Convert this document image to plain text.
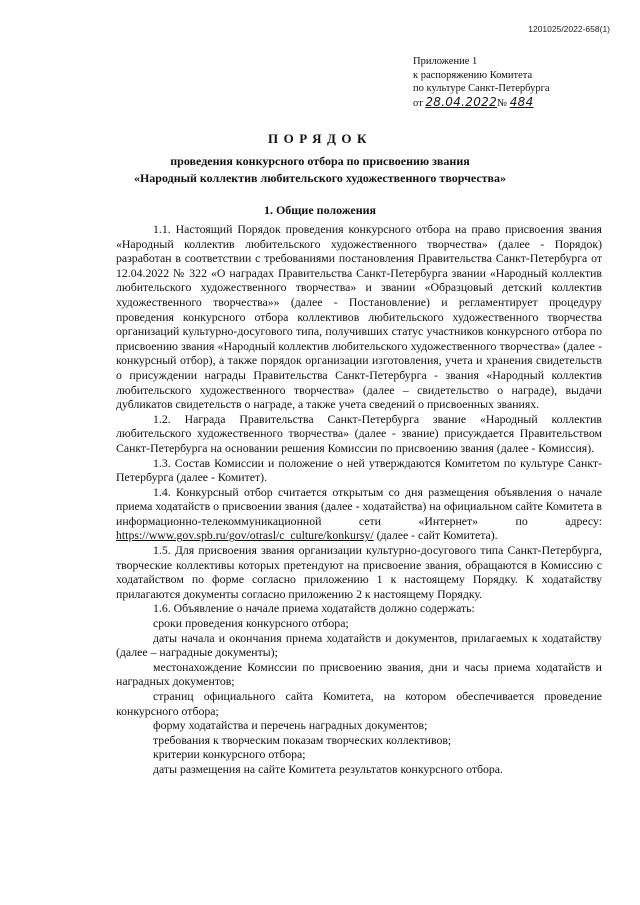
1201025/2022-658(1)
Приложение 1
к распоряжению Комитета
по культуре Санкт-Петербурга
от 28.04.2022№ 484
ПОРЯДОК
проведения конкурсного отбора по присвоению звания
«Народный коллектив любительского художественного творчества»
1. Общие положения

1.1. Настоящий Порядок проведения конкурсного отбора на право присвоения звания «Народный коллектив любительского художественного творчества» (далее - Порядок) разработан в соответствии с требованиями постановления Правительства Санкт-Петербурга от 12.04.2022 № 322 «О наградах Правительства Санкт-Петербурга звании «Народный коллектив любительского художественного творчества» и звании «Образцовый детский коллектив художественного творчества»» (далее - Постановление) и регламентирует процедуру проведения конкурсного отбора коллективов любительского художественного творчества организаций культурно-досугового типа, получивших статус участников конкурсного отбора по присвоению звания «Народный коллектив любительского художественного творчества» (далее - конкурсный отбор), а также порядок организации изготовления, учета и хранения свидетельств о присуждении награды Правительства Санкт-Петербурга - звания «Народный коллектив любительского художественного творчества» (далее – свидетельство о награде), выдачи дубликатов свидетельств о награде, а также учета сведений о присвоенных званиях.

1.2. Награда Правительства Санкт-Петербурга звание «Народный коллектив любительского художественного творчества» (далее - звание) присуждается Правительством Санкт-Петербурга на основании решения Комиссии по присвоению звания (далее - Комиссия).

1.3. Состав Комиссии и положение о ней утверждаются Комитетом по культуре Санкт-Петербурга (далее - Комитет).

1.4. Конкурсный отбор считается открытым со дня размещения объявления о начале приема ходатайств о присвоении звания (далее - ходатайства) на официальном сайте Комитета в информационно-телекоммуникационной сети «Интернет» по адресу: https://www.gov.spb.ru/gov/otrasl/c_culture/konkursy/ (далее - сайт Комитета).

1.5. Для присвоения звания организации культурно-досугового типа Санкт-Петербурга, творческие коллективы которых претендуют на присвоение звания, обращаются в Комиссию с ходатайством по форме согласно приложению 1 к настоящему Порядку. К ходатайству прилагаются документы согласно приложению 2 к настоящему Порядку.

1.6. Объявление о начале приема ходатайств должно содержать:

сроки проведения конкурсного отбора;

даты начала и окончания приема ходатайств и документов, прилагаемых к ходатайству (далее – наградные документы);

местонахождение Комиссии по присвоению звания, дни и часы приема ходатайств и наградных документов;

страниц официального сайта Комитета, на котором обеспечивается проведение конкурсного отбора;

форму ходатайства и перечень наградных документов;

требования к творческим показам творческих коллективов;

критерии конкурсного отбора;

даты размещения на сайте Комитета результатов конкурсного отбора.
